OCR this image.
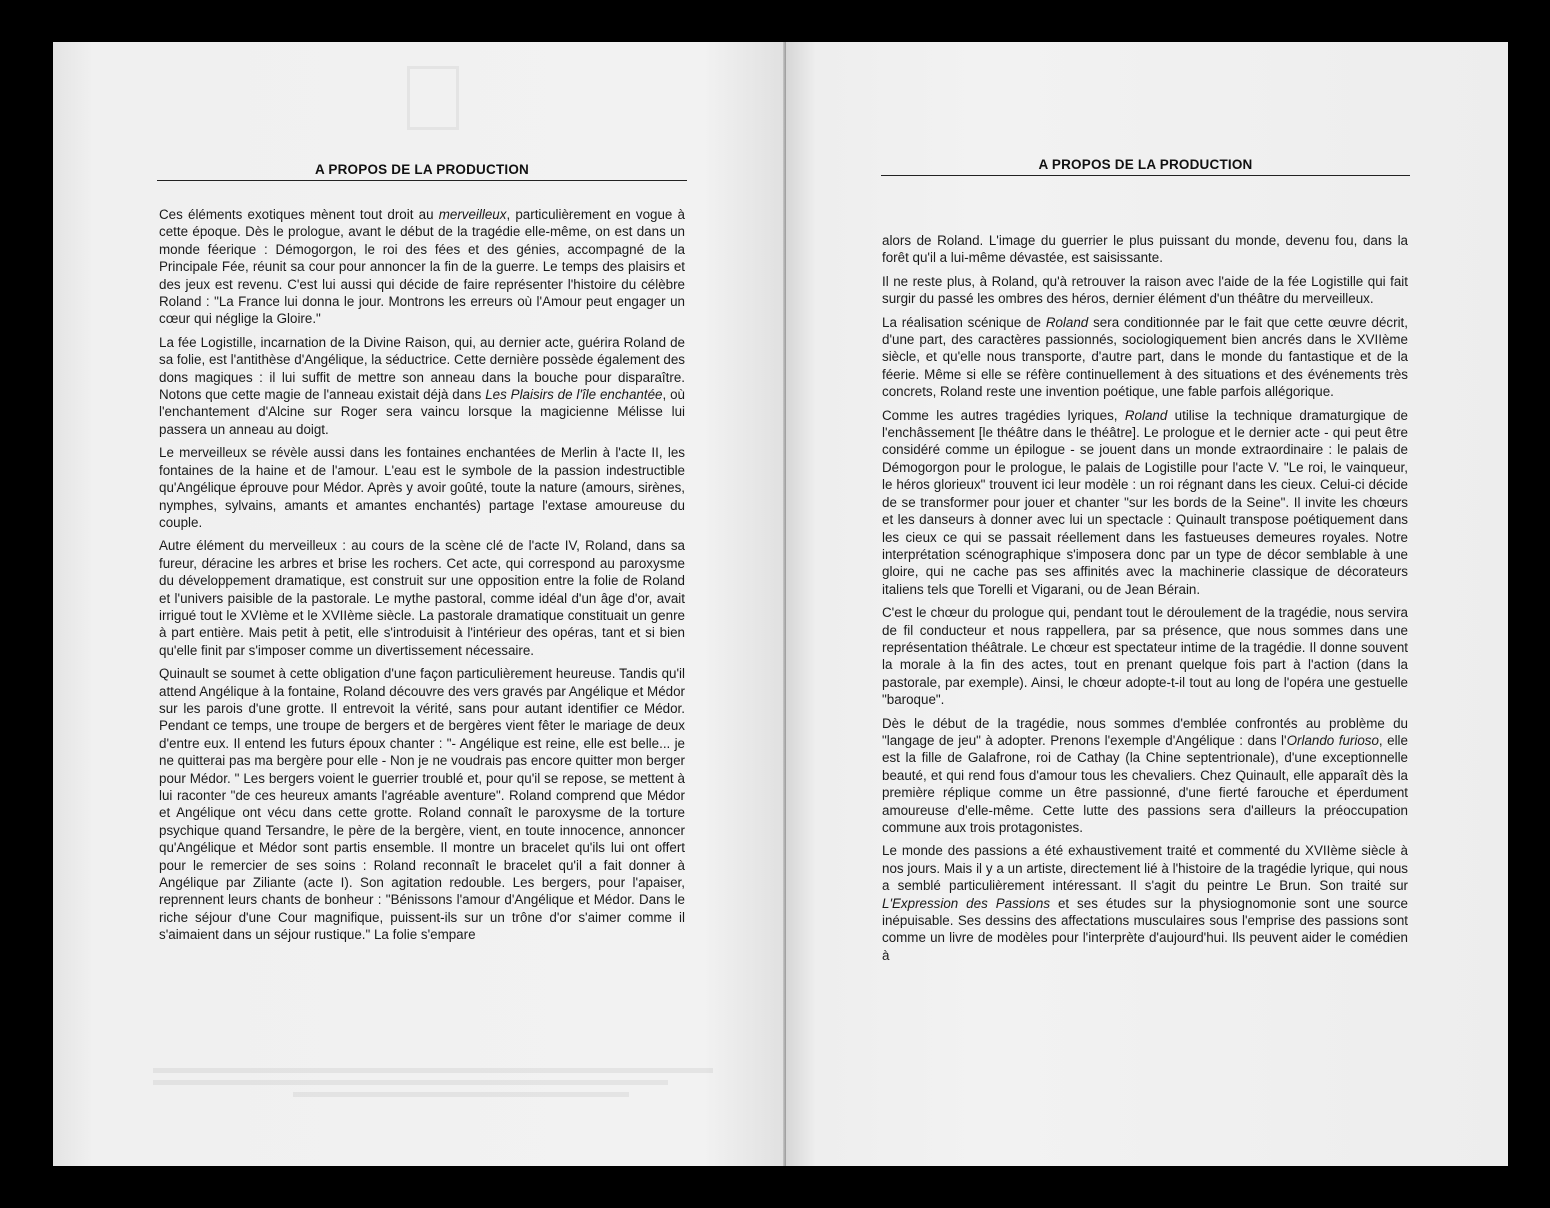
A PROPOS DE LA PRODUCTION

Ces éléments exotiques mènent tout droit au merveilleux, particulièrement en vogue à cette époque. Dès le prologue, avant le début de la tragédie elle-même, on est dans un monde féerique : Démogorgon, le roi des fées et des génies, accompagné de la Principale Fée, réunit sa cour pour annoncer la fin de la guerre. Le temps des plaisirs et des jeux est revenu. C'est lui aussi qui décide de faire représenter l'histoire du célèbre Roland : "La France lui donna le jour. Montrons les erreurs où l'Amour peut engager un cœur qui néglige la Gloire."

La fée Logistille, incarnation de la Divine Raison, qui, au dernier acte, guérira Roland de sa folie, est l'antithèse d'Angélique, la séductrice. Cette dernière possède également des dons magiques : il lui suffit de mettre son anneau dans la bouche pour disparaître. Notons que cette magie de l'anneau existait déjà dans Les Plaisirs de l'île enchantée, où l'enchantement d'Alcine sur Roger sera vaincu lorsque la magicienne Mélisse lui passera un anneau au doigt.

Le merveilleux se révèle aussi dans les fontaines enchantées de Merlin à l'acte II, les fontaines de la haine et de l'amour. L'eau est le symbole de la passion indestructible qu'Angélique éprouve pour Médor. Après y avoir goûté, toute la nature (amours, sirènes, nymphes, sylvains, amants et amantes enchantés) partage l'extase amoureuse du couple.

Autre élément du merveilleux : au cours de la scène clé de l'acte IV, Roland, dans sa fureur, déracine les arbres et brise les rochers. Cet acte, qui correspond au paroxysme du développement dramatique, est construit sur une opposition entre la folie de Roland et l'univers paisible de la pastorale. Le mythe pastoral, comme idéal d'un âge d'or, avait irrigué tout le XVIème et le XVIIème siècle. La pastorale dramatique constituait un genre à part entière. Mais petit à petit, elle s'introduisit à l'intérieur des opéras, tant et si bien qu'elle finit par s'imposer comme un divertissement nécessaire.

Quinault se soumet à cette obligation d'une façon particulièrement heureuse. Tandis qu'il attend Angélique à la fontaine, Roland découvre des vers gravés par Angélique et Médor sur les parois d'une grotte. Il entrevoit la vérité, sans pour autant identifier ce Médor. Pendant ce temps, une troupe de bergers et de bergères vient fêter le mariage de deux d'entre eux. Il entend les futurs époux chanter : "- Angélique est reine, elle est belle... je ne quitterai pas ma bergère pour elle - Non je ne voudrais pas encore quitter mon berger pour Médor. " Les bergers voient le guerrier troublé et, pour qu'il se repose, se mettent à lui raconter "de ces heureux amants l'agréable aventure". Roland comprend que Médor et Angélique ont vécu dans cette grotte. Roland connaît le paroxysme de la torture psychique quand Tersandre, le père de la bergère, vient, en toute innocence, annoncer qu'Angélique et Médor sont partis ensemble. Il montre un bracelet qu'ils lui ont offert pour le remercier de ses soins : Roland reconnaît le bracelet qu'il a fait donner à Angélique par Ziliante (acte I). Son agitation redouble. Les bergers, pour l'apaiser, reprennent leurs chants de bonheur : "Bénissons l'amour d'Angélique et Médor. Dans le riche séjour d'une Cour magnifique, puissent-ils sur un trône d'or s'aimer comme il s'aimaient dans un séjour rustique." La folie s'empare

A PROPOS DE LA PRODUCTION

alors de Roland. L'image du guerrier le plus puissant du monde, devenu fou, dans la forêt qu'il a lui-même dévastée, est saisissante.

Il ne reste plus, à Roland, qu'à retrouver la raison avec l'aide de la fée Logistille qui fait surgir du passé les ombres des héros, dernier élément d'un théâtre du merveilleux.

La réalisation scénique de Roland sera conditionnée par le fait que cette œuvre décrit, d'une part, des caractères passionnés, sociologiquement bien ancrés dans le XVIIème siècle, et qu'elle nous transporte, d'autre part, dans le monde du fantastique et de la féerie. Même si elle se réfère continuellement à des situations et des événements très concrets, Roland reste une invention poétique, une fable parfois allégorique.

Comme les autres tragédies lyriques, Roland utilise la technique dramaturgique de l'enchâssement [le théâtre dans le théâtre]. Le prologue et le dernier acte - qui peut être considéré comme un épilogue - se jouent dans un monde extraordinaire : le palais de Démogorgon pour le prologue, le palais de Logistille pour l'acte V. "Le roi, le vainqueur, le héros glorieux" trouvent ici leur modèle : un roi régnant dans les cieux. Celui-ci décide de se transformer pour jouer et chanter "sur les bords de la Seine". Il invite les chœurs et les danseurs à donner avec lui un spectacle : Quinault transpose poétiquement dans les cieux ce qui se passait réellement dans les fastueuses demeures royales. Notre interprétation scénographique s'imposera donc par un type de décor semblable à une gloire, qui ne cache pas ses affinités avec la machinerie classique de décorateurs italiens tels que Torelli et Vigarani, ou de Jean Bérain.

C'est le chœur du prologue qui, pendant tout le déroulement de la tragédie, nous servira de fil conducteur et nous rappellera, par sa présence, que nous sommes dans une représentation théâtrale. Le chœur est spectateur intime de la tragédie. Il donne souvent la morale à la fin des actes, tout en prenant quelque fois part à l'action (dans la pastorale, par exemple). Ainsi, le chœur adopte-t-il tout au long de l'opéra une gestuelle "baroque".

Dès le début de la tragédie, nous sommes d'emblée confrontés au problème du "langage de jeu" à adopter. Prenons l'exemple d'Angélique : dans l'Orlando furioso, elle est la fille de Galafrone, roi de Cathay (la Chine septentrionale), d'une exceptionnelle beauté, et qui rend fous d'amour tous les chevaliers. Chez Quinault, elle apparaît dès la première réplique comme un être passionné, d'une fierté farouche et éperdument amoureuse d'elle-même. Cette lutte des passions sera d'ailleurs la préoccupation commune aux trois protagonistes.

Le monde des passions a été exhaustivement traité et commenté du XVIIème siècle à nos jours. Mais il y a un artiste, directement lié à l'histoire de la tragédie lyrique, qui nous a semblé particulièrement intéressant. Il s'agit du peintre Le Brun. Son traité sur L'Expression des Passions et ses études sur la physiognomonie sont une source inépuisable. Ses dessins des affectations musculaires sous l'emprise des passions sont comme un livre de modèles pour l'interprète d'aujourd'hui. Ils peuvent aider le comédien à
